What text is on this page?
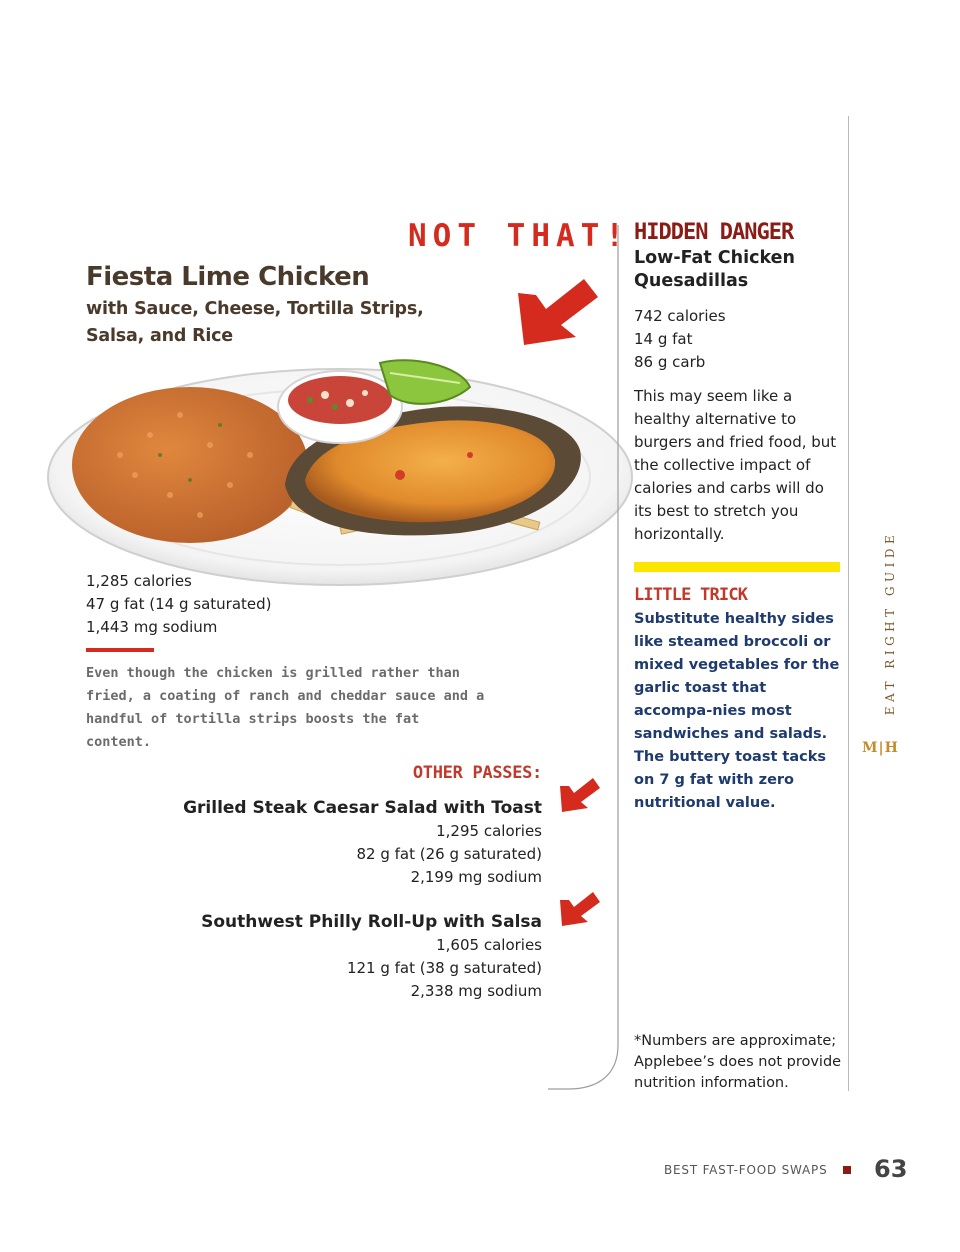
NOT THAT!
Fiesta Lime Chicken
with Sauce, Cheese, Tortilla Strips, Salsa, and Rice
1,285 calories
47 g fat (14 g saturated)
1,443 mg sodium
Even though the chicken is grilled rather than fried, a coating of ranch and cheddar sauce and a handful of tortilla strips boosts the fat content.
OTHER PASSES:
Grilled Steak Caesar Salad with Toast
1,295 calories
82 g fat (26 g saturated)
2,199 mg sodium
Southwest Philly Roll-Up with Salsa
1,605 calories
121 g fat (38 g saturated)
2,338 mg sodium
HIDDEN DANGER
Low-Fat Chicken Quesadillas
742 calories
14 g fat
86 g carb
This may seem like a healthy alternative to burgers and fried food, but the collective impact of calories and carbs will do its best to stretch you horizontally.
LITTLE TRICK
Substitute healthy sides like steamed broccoli or mixed vegetables for the garlic toast that accompa-nies most sandwiches and salads. The buttery toast tacks on 7 g fat with zero nutritional value.
*Numbers are approximate; Applebee’s does not provide nutrition information.
EAT RIGHT GUIDE
M|H
BEST FAST-FOOD SWAPS 63
